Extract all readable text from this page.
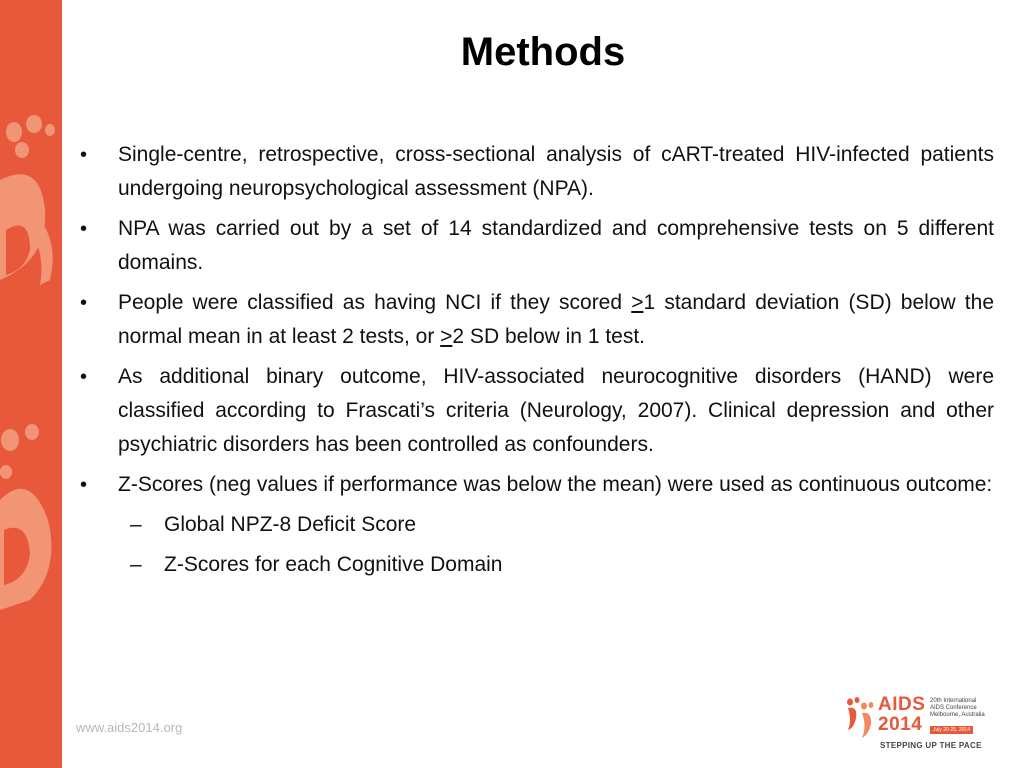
Methods
•	Single-centre, retrospective, cross-sectional analysis of cART-treated HIV-infected patients undergoing neuropsychological assessment (NPA).
•	NPA was carried out by a set of 14 standardized and comprehensive tests on 5 different domains.
•	People were classified as having NCI if they scored ≥1 standard deviation (SD) below the normal mean in at least 2 tests, or ≥2 SD below in 1 test.
•	As additional binary outcome, HIV-associated neurocognitive disorders (HAND) were classified according to Frascati’s criteria (Neurology, 2007). Clinical depression and other psychiatric disorders has been controlled as confounders.
•	Z-Scores (neg values if performance was below the mean) were used as continuous outcome:
–	Global NPZ-8 Deficit Score
–	Z-Scores for each Cognitive Domain
www.aids2014.org
AIDS
2014
20th International
AIDS Conference
Melbourne, Australia
July 20-25, 2014
STEPPING UP THE PACE
